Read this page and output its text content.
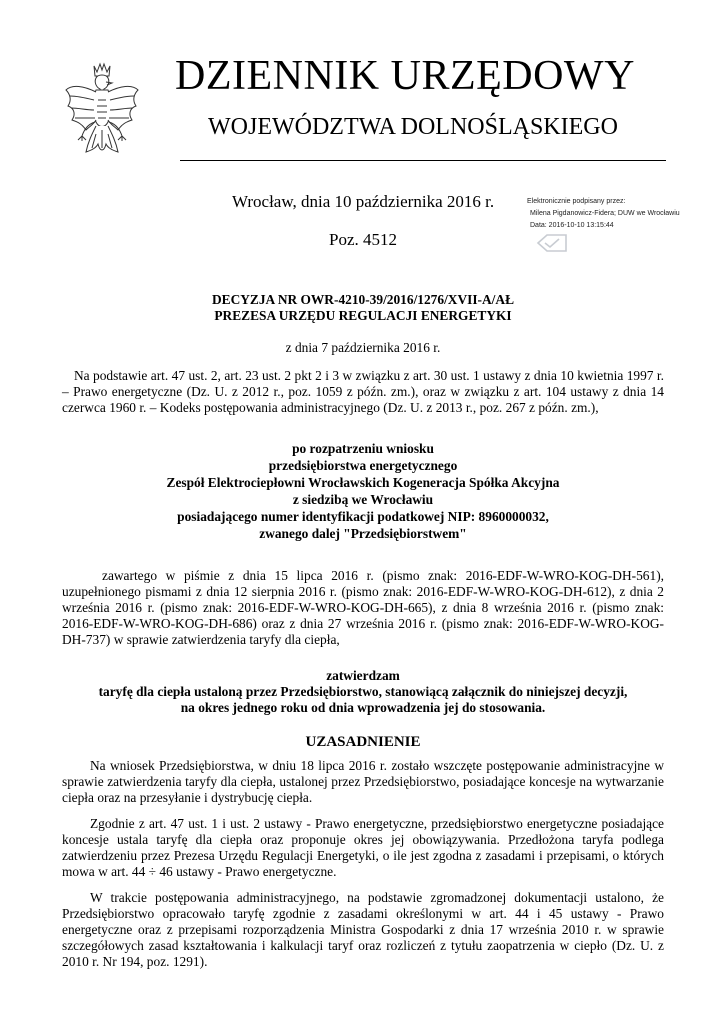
DZIENNIK URZĘDOWY
WOJEWÓDZTWA DOLNOŚLĄSKIEGO
Wrocław, dnia 10 października 2016 r.
Poz. 4512
Elektronicznie podpisany przez:
Milena Pigdanowicz-Fidera; DUW we Wrocławiu
Data: 2016-10-10 13:15:44

DECYZJA NR OWR-4210-39/2016/1276/XVII-A/AŁ

PREZESA URZĘDU REGULACJI ENERGETYKI

z dnia 7 października 2016 r.

Na podstawie art. 47 ust. 2, art. 23 ust. 2 pkt 2 i 3 w związku z art. 30 ust. 1 ustawy z dnia 10 kwietnia 1997 r. – Prawo energetyczne (Dz. U. z 2012 r., poz. 1059 z późn. zm.), oraz w związku z art. 104 ustawy z dnia 14 czerwca 1960 r. – Kodeks postępowania administracyjnego (Dz. U. z 2013 r., poz. 267 z późn. zm.),

po rozpatrzeniu wniosku

przedsiębiorstwa energetycznego

Zespół Elektrociepłowni Wrocławskich Kogeneracja Spółka Akcyjna

z siedzibą we Wrocławiu

posiadającego numer identyfikacji podatkowej NIP: 8960000032,

zwanego dalej "Przedsiębiorstwem"

zawartego w piśmie z dnia 15 lipca 2016 r. (pismo znak: 2016-EDF-W-WRO-KOG-DH-561), uzupełnionego pismami z dnia 12 sierpnia 2016 r. (pismo znak: 2016-EDF-W-WRO-KOG-DH-612), z dnia 2 września 2016 r. (pismo znak: 2016-EDF-W-WRO-KOG-DH-665), z dnia 8 września 2016 r. (pismo znak: 2016-EDF-W-WRO-KOG-DH-686) oraz z dnia 27 września 2016 r. (pismo znak: 2016-EDF-W-WRO-KOG-DH-737) w sprawie zatwierdzenia taryfy dla ciepła,

zatwierdzam

taryfę dla ciepła ustaloną przez Przedsiębiorstwo, stanowiącą załącznik do niniejszej decyzji,

na okres jednego roku od dnia wprowadzenia jej do stosowania.

UZASADNIENIE

Na wniosek Przedsiębiorstwa, w dniu 18 lipca 2016 r. zostało wszczęte postępowanie administracyjne w sprawie zatwierdzenia taryfy dla ciepła, ustalonej przez Przedsiębiorstwo, posiadające koncesje na wytwarzanie ciepła oraz na przesyłanie i dystrybucję ciepła.

Zgodnie z art. 47 ust. 1 i ust. 2 ustawy - Prawo energetyczne, przedsiębiorstwo energetyczne posiadające koncesje ustala taryfę dla ciepła oraz proponuje okres jej obowiązywania. Przedłożona taryfa podlega zatwierdzeniu przez Prezesa Urzędu Regulacji Energetyki, o ile jest zgodna z zasadami i przepisami, o których mowa w art. 44 ÷ 46 ustawy - Prawo energetyczne.

W trakcie postępowania administracyjnego, na podstawie zgromadzonej dokumentacji ustalono, że Przedsiębiorstwo opracowało taryfę zgodnie z zasadami określonymi w art. 44 i 45 ustawy - Prawo energetyczne oraz z przepisami rozporządzenia Ministra Gospodarki z dnia 17 września 2010 r. w sprawie szczegółowych zasad kształtowania i kalkulacji taryf oraz rozliczeń z tytułu zaopatrzenia w ciepło (Dz. U. z 2010 r. Nr 194, poz. 1291).
